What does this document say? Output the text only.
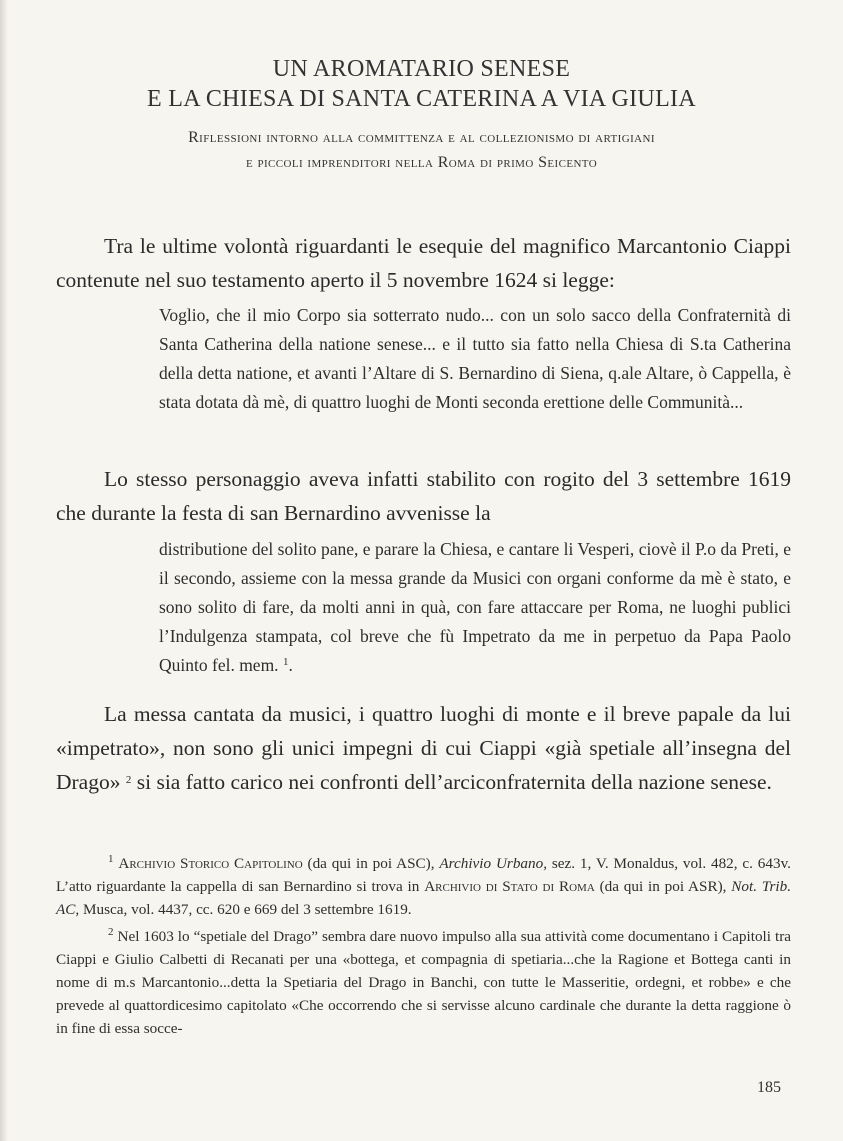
UN AROMATARIO SENESE
E LA CHIESA DI SANTA CATERINA A VIA GIULIA
Riflessioni intorno alla committenza e al collezionismo di artigiani
e piccoli imprenditori nella Roma di primo Seicento
Tra le ultime volontà riguardanti le esequie del magnifico Marcantonio Ciappi contenute nel suo testamento aperto il 5 novembre 1624 si legge:
Voglio, che il mio Corpo sia sotterrato nudo... con un solo sacco della Confraternità di Santa Catherina della natione senese... e il tutto sia fatto nella Chiesa di S.ta Catherina della detta natione, et avanti l’Altare di S. Bernardino di Siena, q.ale Altare, ò Cappella, è stata dotata dà mè, di quattro luoghi de Monti seconda erettione delle Communità...
Lo stesso personaggio aveva infatti stabilito con rogito del 3 settembre 1619 che durante la festa di san Bernardino avvenisse la
distributione del solito pane, e parare la Chiesa, e cantare li Vesperi, ciovè il P.o da Preti, e il secondo, assieme con la messa grande da Musici con organi conforme da mè è stato, e sono solito di fare, da molti anni in quà, con fare attaccare per Roma, ne luoghi publici l’Indulgenza stampata, col breve che fù Impetrato da me in perpetuo da Papa Paolo Quinto fel. mem. $^1$.
La messa cantata da musici, i quattro luoghi di monte e il breve papale da lui «impetrato», non sono gli unici impegni di cui Ciappi «già spetiale all’insegna del Drago» $^2$ si sia fatto carico nei confronti dell’arciconfraternita della nazione senese.

$^1$ Archivio Storico Capitolino (da qui in poi ASC), Archivio Urbano, sez. 1, V. Monaldus, vol. 482, c. 643v. L’atto riguardante la cappella di san Bernardino si trova in Archivio di Stato di Roma (da qui in poi ASR), Not. Trib. AC, Musca, vol. 4437, cc. 620 e 669 del 3 settembre 1619.

$^2$ Nel 1603 lo “spetiale del Drago” sembra dare nuovo impulso alla sua attività come documentano i Capitoli tra Ciappi e Giulio Calbetti di Recanati per una «bottega, et compagnia di spetiaria...che la Ragione et Bottega canti in nome di m.s Marcantonio...detta la Spetiaria del Drago in Banchi, con tutte le Masseritie, ordegni, et robbe» e che prevede al quattordicesimo capitolato «Che occorrendo che si servisse alcuno cardinale che durante la detta raggione ò in fine di essa socce-

185
